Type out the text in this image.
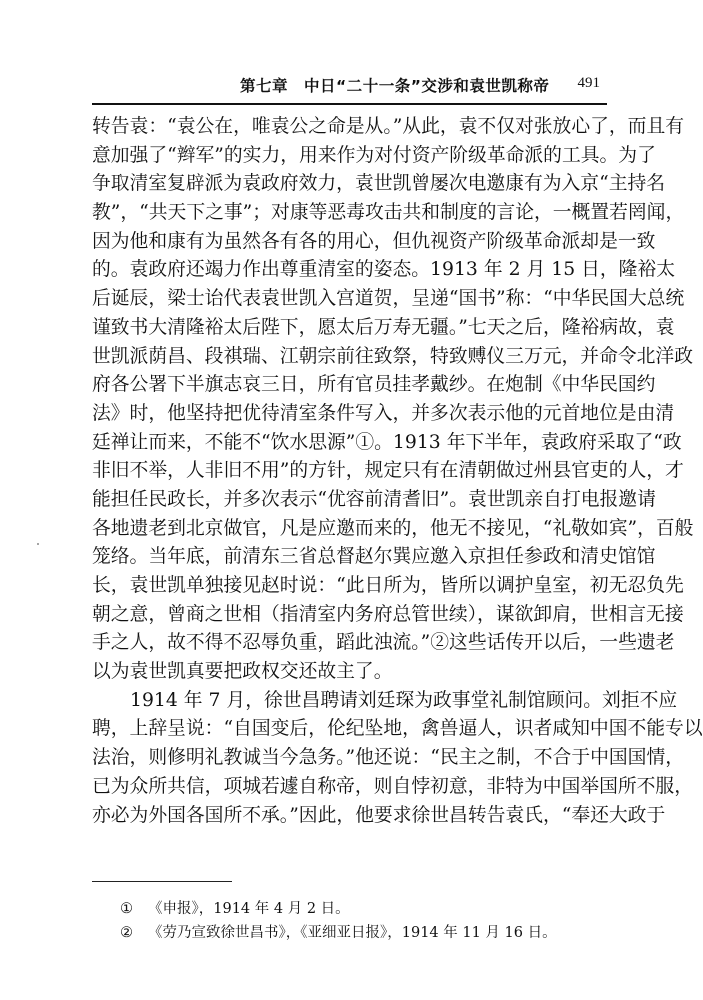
第七章　中日“二十一条”交涉和袁世凯称帝 491
转告袁：“袁公在，唯袁公之命是从。”从此，袁不仅对张放心了，而且有
意加强了“辫军”的实力，用来作为对付资产阶级革命派的工具。为了
争取清室复辟派为袁政府效力，袁世凯曾屡次电邀康有为入京“主持名
教”，“共天下之事”；对康等恶毒攻击共和制度的言论，一概置若罔闻，
因为他和康有为虽然各有各的用心，但仇视资产阶级革命派却是一致
的。袁政府还竭力作出尊重清室的姿态。1913 年 2 月 15 日，隆裕太
后诞辰，梁士诒代表袁世凯入宫道贺，呈递“国书”称：“中华民国大总统
谨致书大清隆裕太后陛下，愿太后万寿无疆。”七天之后，隆裕病故，袁
世凯派荫昌、段祺瑞、江朝宗前往致祭，特致赙仪三万元，并命令北洋政
府各公署下半旗志哀三日，所有官员挂孝戴纱。在炮制《中华民国约
法》时，他坚持把优待清室条件写入，并多次表示他的元首地位是由清
廷禅让而来，不能不“饮水思源”①。1913 年下半年，袁政府采取了“政
非旧不举，人非旧不用”的方针，规定只有在清朝做过州县官吏的人，才
能担任民政长，并多次表示“优容前清耆旧”。袁世凯亲自打电报邀请
各地遗老到北京做官，凡是应邀而来的，他无不接见，“礼敬如宾”，百般
笼络。当年底，前清东三省总督赵尔巽应邀入京担任参政和清史馆馆
长，袁世凯单独接见赵时说：“此日所为，皆所以调护皇室，初无忍负先
朝之意，曾商之世相（指清室内务府总管世续），谋欲卸肩，世相言无接
手之人，故不得不忍辱负重，蹈此浊流。”②这些话传开以后，一些遗老
以为袁世凯真要把政权交还故主了。
1914 年 7 月，徐世昌聘请刘廷琛为政事堂礼制馆顾问。刘拒不应
聘，上辞呈说：“自国变后，伦纪坠地，禽兽逼人，识者咸知中国不能专以
法治，则修明礼教诚当今急务。”他还说：“民主之制，不合于中国国情，
已为众所共信，项城若遽自称帝，则自悖初意，非特为中国举国所不服，
亦必为外国各国所不承。”因此，他要求徐世昌转告袁氏，“奉还大政于
① 《申报》，1914 年 4 月 2 日。
② 《劳乃宣致徐世昌书》，《亚细亚日报》，1914 年 11 月 16 日。
